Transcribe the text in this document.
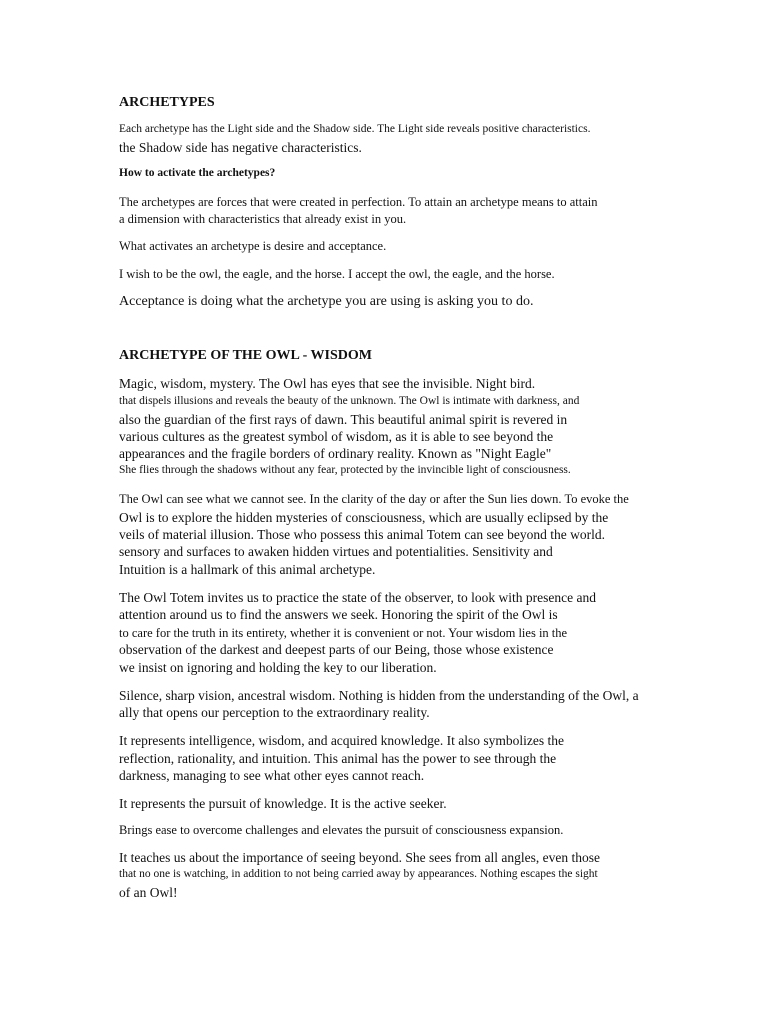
ARCHETYPES
Each archetype has the Light side and the Shadow side. The Light side reveals positive characteristics.
the Shadow side has negative characteristics.
How to activate the archetypes?
The archetypes are forces that were created in perfection. To attain an archetype means to attain
a dimension with characteristics that already exist in you.
What activates an archetype is desire and acceptance.
I wish to be the owl, the eagle, and the horse. I accept the owl, the eagle, and the horse.
Acceptance is doing what the archetype you are using is asking you to do.
ARCHETYPE OF THE OWL - WISDOM
Magic, wisdom, mystery. The Owl has eyes that see the invisible. Night bird.
that dispels illusions and reveals the beauty of the unknown. The Owl is intimate with darkness, and
also the guardian of the first rays of dawn. This beautiful animal spirit is revered in
various cultures as the greatest symbol of wisdom, as it is able to see beyond the
appearances and the fragile borders of ordinary reality. Known as "Night Eagle"
She flies through the shadows without any fear, protected by the invincible light of consciousness.
The Owl can see what we cannot see. In the clarity of the day or after the Sun lies down. To evoke the
Owl is to explore the hidden mysteries of consciousness, which are usually eclipsed by the
veils of material illusion. Those who possess this animal Totem can see beyond the world.
sensory and surfaces to awaken hidden virtues and potentialities. Sensitivity and
Intuition is a hallmark of this animal archetype.
The Owl Totem invites us to practice the state of the observer, to look with presence and
attention around us to find the answers we seek. Honoring the spirit of the Owl is
to care for the truth in its entirety, whether it is convenient or not. Your wisdom lies in the
observation of the darkest and deepest parts of our Being, those whose existence
we insist on ignoring and holding the key to our liberation.
Silence, sharp vision, ancestral wisdom. Nothing is hidden from the understanding of the Owl, a
ally that opens our perception to the extraordinary reality.
It represents intelligence, wisdom, and acquired knowledge. It also symbolizes the
reflection, rationality, and intuition. This animal has the power to see through the
darkness, managing to see what other eyes cannot reach.
It represents the pursuit of knowledge. It is the active seeker.
Brings ease to overcome challenges and elevates the pursuit of consciousness expansion.
It teaches us about the importance of seeing beyond. She sees from all angles, even those
that no one is watching, in addition to not being carried away by appearances. Nothing escapes the sight
of an Owl!
